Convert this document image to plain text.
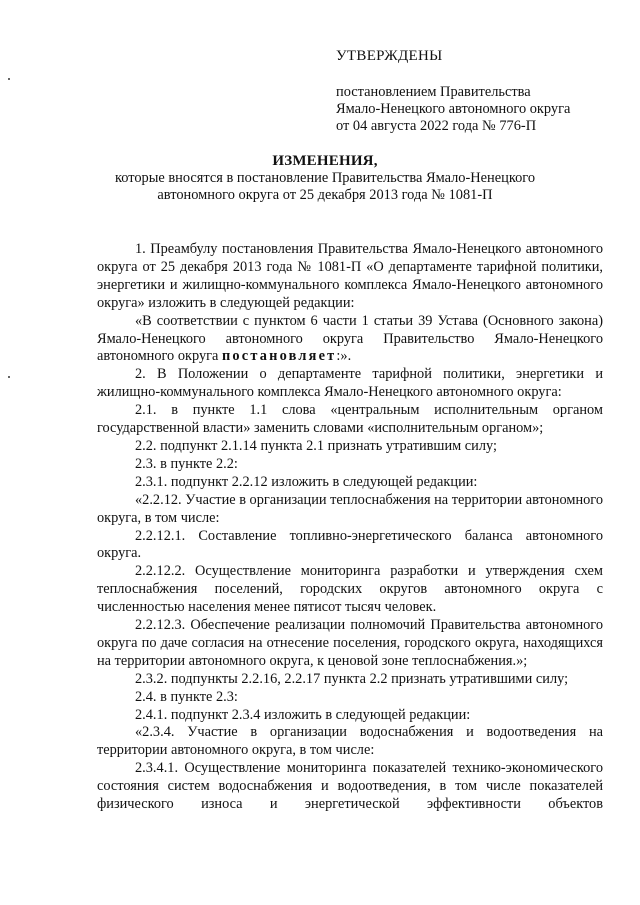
УТВЕРЖДЕНЫ
постановлением Правительства
Ямало-Ненецкого автономного округа
от 04 августа 2022 года № 776-П
ИЗМЕНЕНИЯ,
которые вносятся в постановление Правительства Ямало-Ненецкого
автономного округа от 25 декабря 2013 года № 1081-П

1. Преамбулу постановления Правительства Ямало-Ненецкого автономного округа от 25 декабря 2013 года № 1081-П «О департаменте тарифной политики, энергетики и жилищно-коммунального комплекса Ямало-Ненецкого автономного округа» изложить в следующей редакции:

«В соответствии с пунктом 6 части 1 статьи 39 Устава (Основного закона) Ямало-Ненецкого автономного округа Правительство Ямало-Ненецкого автономного округа постановляет:».

2. В Положении о департаменте тарифной политики, энергетики и жилищно-коммунального комплекса Ямало-Ненецкого автономного округа:

2.1. в пункте 1.1 слова «центральным исполнительным органом государственной власти» заменить словами «исполнительным органом»;

2.2. подпункт 2.1.14 пункта 2.1 признать утратившим силу;

2.3. в пункте 2.2:

2.3.1. подпункт 2.2.12 изложить в следующей редакции:

«2.2.12. Участие в организации теплоснабжения на территории автономного округа, в том числе:

2.2.12.1. Составление топливно-энергетического баланса автономного округа.

2.2.12.2. Осуществление мониторинга разработки и утверждения схем теплоснабжения поселений, городских округов автономного округа с численностью населения менее пятисот тысяч человек.

2.2.12.3. Обеспечение реализации полномочий Правительства автономного округа по даче согласия на отнесение поселения, городского округа, находящихся на территории автономного округа, к ценовой зоне теплоснабжения.»;

2.3.2. подпункты 2.2.16, 2.2.17 пункта 2.2 признать утратившими силу;

2.4. в пункте 2.3:

2.4.1. подпункт 2.3.4 изложить в следующей редакции:

«2.3.4. Участие в организации водоснабжения и водоотведения на территории автономного округа, в том числе:

2.3.4.1. Осуществление мониторинга показателей технико-экономического состояния систем водоснабжения и водоотведения, в том числе показателей физического износа и энергетической эффективности объектов
